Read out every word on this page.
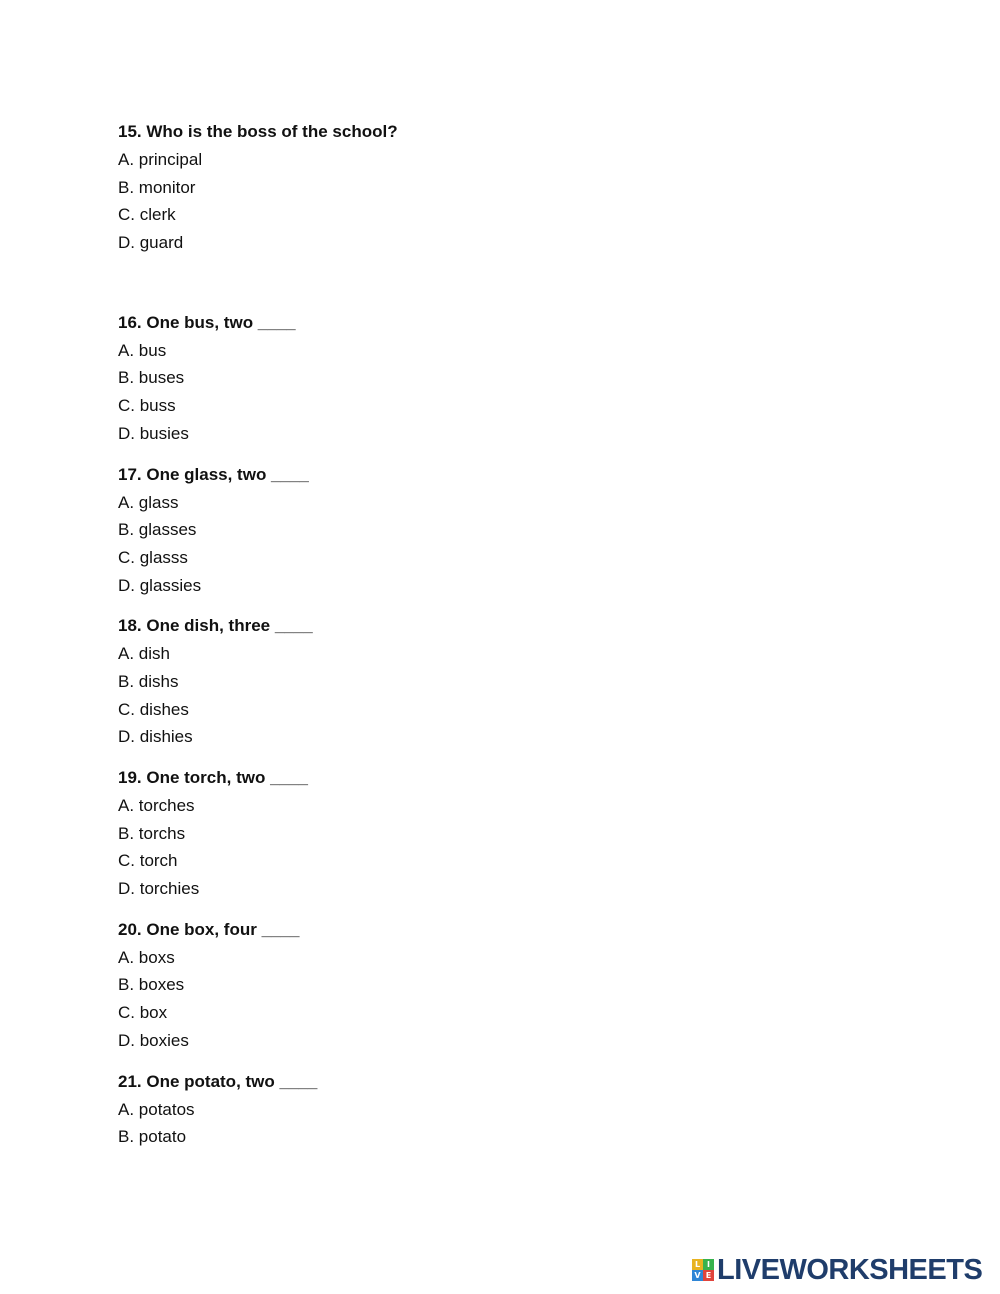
15. Who is the boss of the school?

A. principal

B. monitor

C. clerk

D. guard

16. One bus, two ____

A. bus

B. buses

C. buss

D. busies

17. One glass, two ____

A. glass

B. glasses

C. glasss

D. glassies

18. One dish, three ____

A. dish

B. dishs

C. dishes

D. dishies

19. One torch, two ____

A. torches

B. torchs

C. torch

D. torchies

20. One box, four ____

A. boxs

B. boxes

C. box

D. boxies

21. One potato, two ____

A. potatos

B. potato

L I
V E LIVEWORKSHEETS
